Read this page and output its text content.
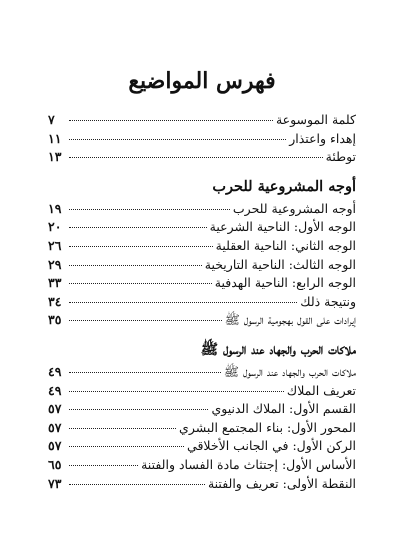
فهرس المواضيع
كلمة الموسوعة
٧
إهداء واعتذار
١١
توطئة
١٣
أوجه المشروعية للحرب
أوجه المشروعية للحرب
١٩
الوجه الأول: الناحية الشرعية
٢٠
الوجه الثاني: الناحية العقلية
٢٦
الوجه الثالث: الناحية التاريخية
٢٩
الوجه الرابع: الناحية الهدفية
٣٣
ونتيجة ذلك
٣٤
إيرادات على القول بهجومية الرسول ﷺ
٣٥
ملاكات الحرب والجهاد عند الرسول ﷺ
ملاكات الحرب والجهاد عند الرسول ﷺ
٤٩
تعريف الملاك
٤٩
القسم الأول: الملاك الدنيوي
٥٧
المحور الأول: بناء المجتمع البشري
٥٧
الركن الأول: في الجانب الأخلاقي
٥٧
الأساس الأول: إجتثاث مادة الفساد والفتنة
٦٥
النقطة الأولى: تعريف والفتنة
٧٣
